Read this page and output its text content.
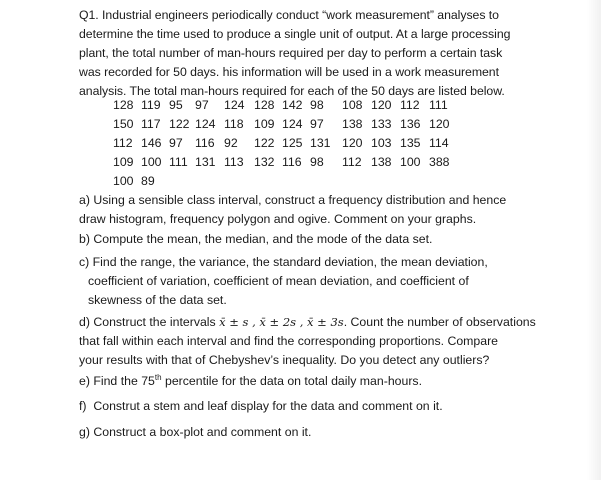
Q1. Industrial engineers periodically conduct “work measurement” analyses to
determine the time used to produce a single unit of output. At a large processing
plant, the total number of man-hours required per day to perform a certain task
was recorded for 50 days. his information will be used in a work measurement
analysis. The total man-hours required for each of the 50 days are listed below.
128 119 95 97 124 128 142 98 108 120 112 111
150 117 122 124 118 109 124 97 138 133 136 120
112 146 97 116 92 122 125 131 120 103 135 114
109 100 111 131 113 132 116 98 112 138 100 388
100 89
a) Using a sensible class interval, construct a frequency distribution and hence
draw histogram, frequency polygon and ogive. Comment on your graphs.
b) Compute the mean, the median, and the mode of the data set.
c) Find the range, the variance, the standard deviation, the mean deviation,
coefficient of variation, coefficient of mean deviation, and coefficient of
skewness of the data set.
d) Construct the intervals x̄ ± s , x̄ ± 2s , x̄ ± 3s. Count the number of observations
that fall within each interval and find the corresponding proportions. Compare
your results with that of Chebyshev’s inequality. Do you detect any outliers?
e) Find the 75th percentile for the data on total daily man-hours.
f)  Construt a stem and leaf display for the data and comment on it.
g) Construct a box-plot and comment on it.
